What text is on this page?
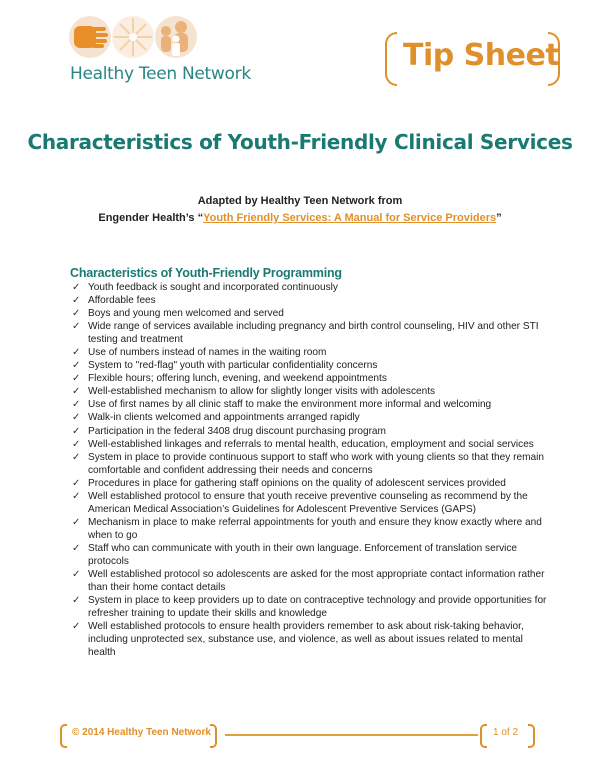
Healthy Teen Network
Tip Sheet
Characteristics of Youth-Friendly Clinical Services
Adapted by Healthy Teen Network from
Engender Health’s “Youth Friendly Services: A Manual for Service Providers”
Characteristics of Youth-Friendly Programming
✓ Youth feedback is sought and incorporated continuously
✓ Affordable fees
✓ Boys and young men welcomed and served
✓ Wide range of services available including pregnancy and birth control counseling, HIV and other STI testing and treatment
✓ Use of numbers instead of names in the waiting room
✓ System to "red-flag" youth with particular confidentiality concerns
✓ Flexible hours; offering lunch, evening, and weekend appointments
✓ Well-established mechanism to allow for slightly longer visits with adolescents
✓ Use of first names by all clinic staff to make the environment more informal and welcoming
✓ Walk-in clients welcomed and appointments arranged rapidly
✓ Participation in the federal 3408 drug discount purchasing program
✓ Well-established linkages and referrals to mental health, education, employment and social services
✓ System in place to provide continuous support to staff who work with young clients so that they remain comfortable and confident addressing their needs and concerns
✓ Procedures in place for gathering staff opinions on the quality of adolescent services provided
✓ Well established protocol to ensure that youth receive preventive counseling as recommend by the American Medical Association’s Guidelines for Adolescent Preventive Services (GAPS)
✓ Mechanism in place to make referral appointments for youth and ensure they know exactly where and when to go
✓ Staff who can communicate with youth in their own language. Enforcement of translation service protocols
✓ Well established protocol so adolescents are asked for the most appropriate contact information rather than their home contact details
✓ System in place to keep providers up to date on contraceptive technology and provide opportunities for refresher training to update their skills and knowledge
✓ Well established protocols to ensure health providers remember to ask about risk-taking behavior, including unprotected sex, substance use, and violence, as well as about issues related to mental health
© 2014 Healthy Teen Network	1 of 2
